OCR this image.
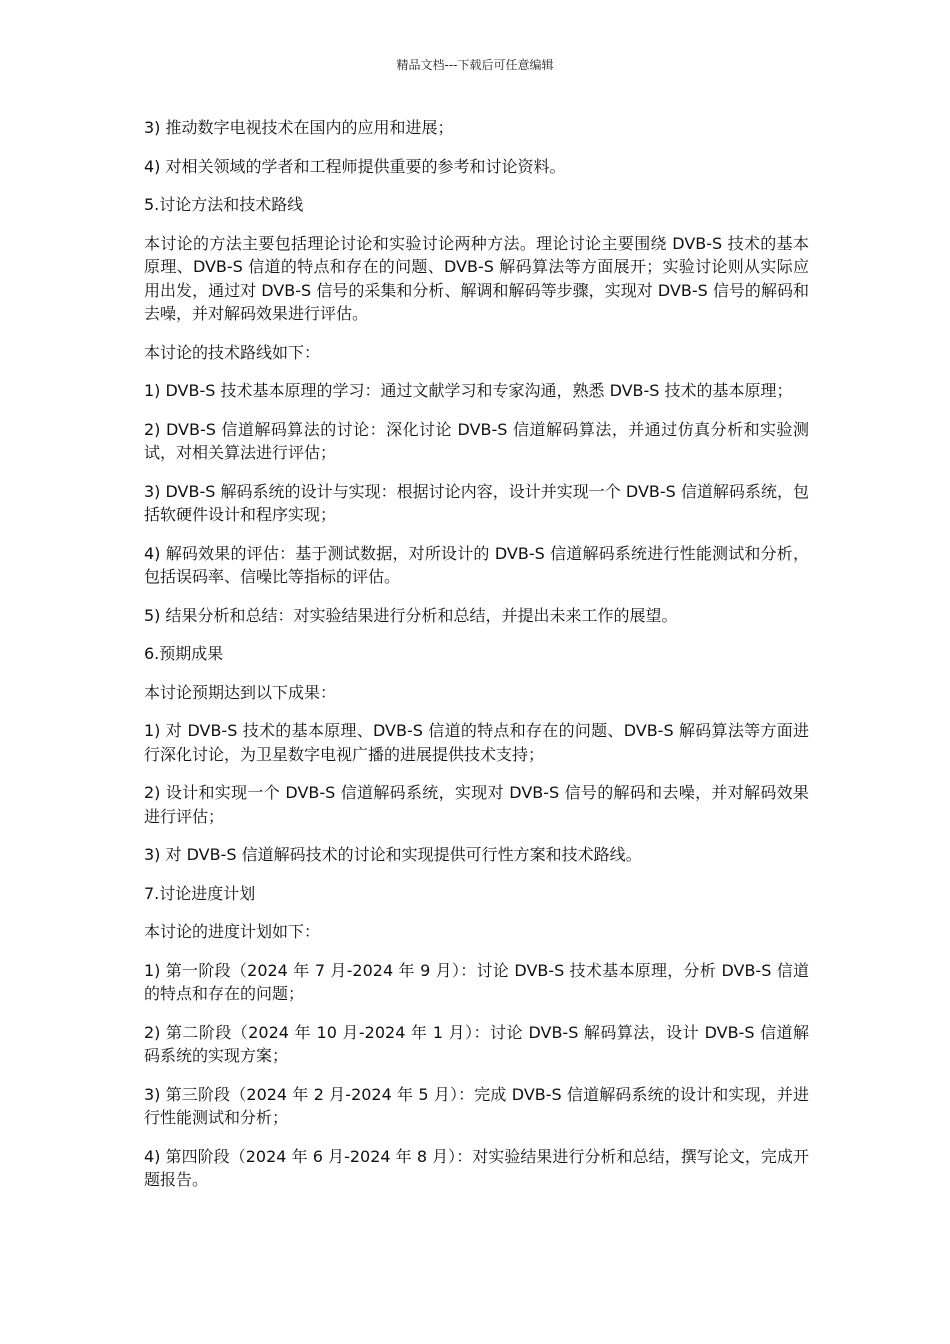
精品文档---下载后可任意编辑

3) 推动数字电视技术在国内的应用和进展；

4) 对相关领域的学者和工程师提供重要的参考和讨论资料。

5.讨论方法和技术路线

本讨论的方法主要包括理论讨论和实验讨论两种方法。理论讨论主要围绕 DVB-S 技术的基本原理、DVB-S 信道的特点和存在的问题、DVB-S 解码算法等方面展开；实验讨论则从实际应用出发，通过对 DVB-S 信号的采集和分析、解调和解码等步骤，实现对 DVB-S 信号的解码和去噪，并对解码效果进行评估。

本讨论的技术路线如下：

1) DVB-S 技术基本原理的学习：通过文献学习和专家沟通，熟悉 DVB-S 技术的基本原理；

2) DVB-S 信道解码算法的讨论：深化讨论 DVB-S 信道解码算法，并通过仿真分析和实验测试，对相关算法进行评估；

3) DVB-S 解码系统的设计与实现：根据讨论内容，设计并实现一个 DVB-S 信道解码系统，包括软硬件设计和程序实现；

4) 解码效果的评估：基于测试数据，对所设计的 DVB-S 信道解码系统进行性能测试和分析，包括误码率、信噪比等指标的评估。

5) 结果分析和总结：对实验结果进行分析和总结，并提出未来工作的展望。

6.预期成果

本讨论预期达到以下成果：

1) 对 DVB-S 技术的基本原理、DVB-S 信道的特点和存在的问题、DVB-S 解码算法等方面进行深化讨论，为卫星数字电视广播的进展提供技术支持；

2) 设计和实现一个 DVB-S 信道解码系统，实现对 DVB-S 信号的解码和去噪，并对解码效果进行评估；

3) 对 DVB-S 信道解码技术的讨论和实现提供可行性方案和技术路线。

7.讨论进度计划

本讨论的进度计划如下：

1) 第一阶段（2024 年 7 月-2024 年 9 月）：讨论 DVB-S 技术基本原理，分析 DVB-S 信道的特点和存在的问题；

2) 第二阶段（2024 年 10 月-2024 年 1 月）：讨论 DVB-S 解码算法，设计 DVB-S 信道解码系统的实现方案；

3) 第三阶段（2024 年 2 月-2024 年 5 月）：完成 DVB-S 信道解码系统的设计和实现，并进行性能测试和分析；

4) 第四阶段（2024 年 6 月-2024 年 8 月）：对实验结果进行分析和总结，撰写论文，完成开题报告。
